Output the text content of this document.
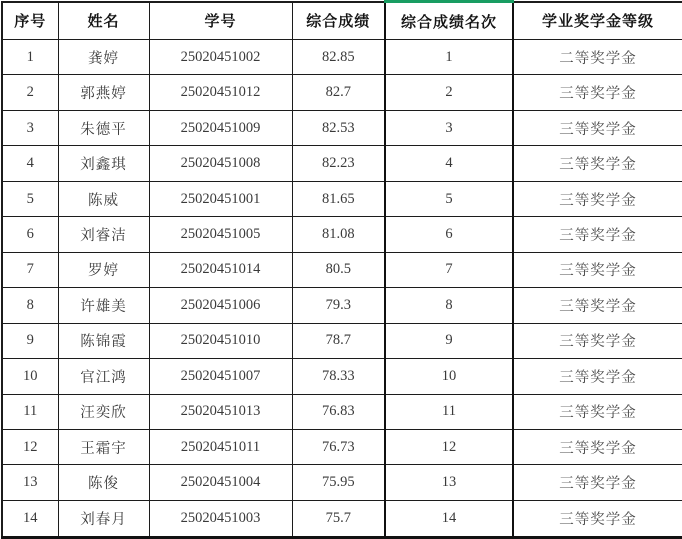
序号	姓名	学号	综合成绩	综合成绩名次	学业奖学金等级
1	龚婷	25020451002	82.85	1	二等奖学金
2	郭燕婷	25020451012	82.7	2	三等奖学金
3	朱德平	25020451009	82.53	3	三等奖学金
4	刘鑫琪	25020451008	82.23	4	三等奖学金
5	陈威	25020451001	81.65	5	三等奖学金
6	刘睿洁	25020451005	81.08	6	三等奖学金
7	罗婷	25020451014	80.5	7	三等奖学金
8	许雄美	25020451006	79.3	8	三等奖学金
9	陈锦霞	25020451010	78.7	9	三等奖学金
10	官江鸿	25020451007	78.33	10	三等奖学金
11	汪奕欣	25020451013	76.83	11	三等奖学金
12	王霜宇	25020451011	76.73	12	三等奖学金
13	陈俊	25020451004	75.95	13	三等奖学金
14	刘春月	25020451003	75.7	14	三等奖学金
